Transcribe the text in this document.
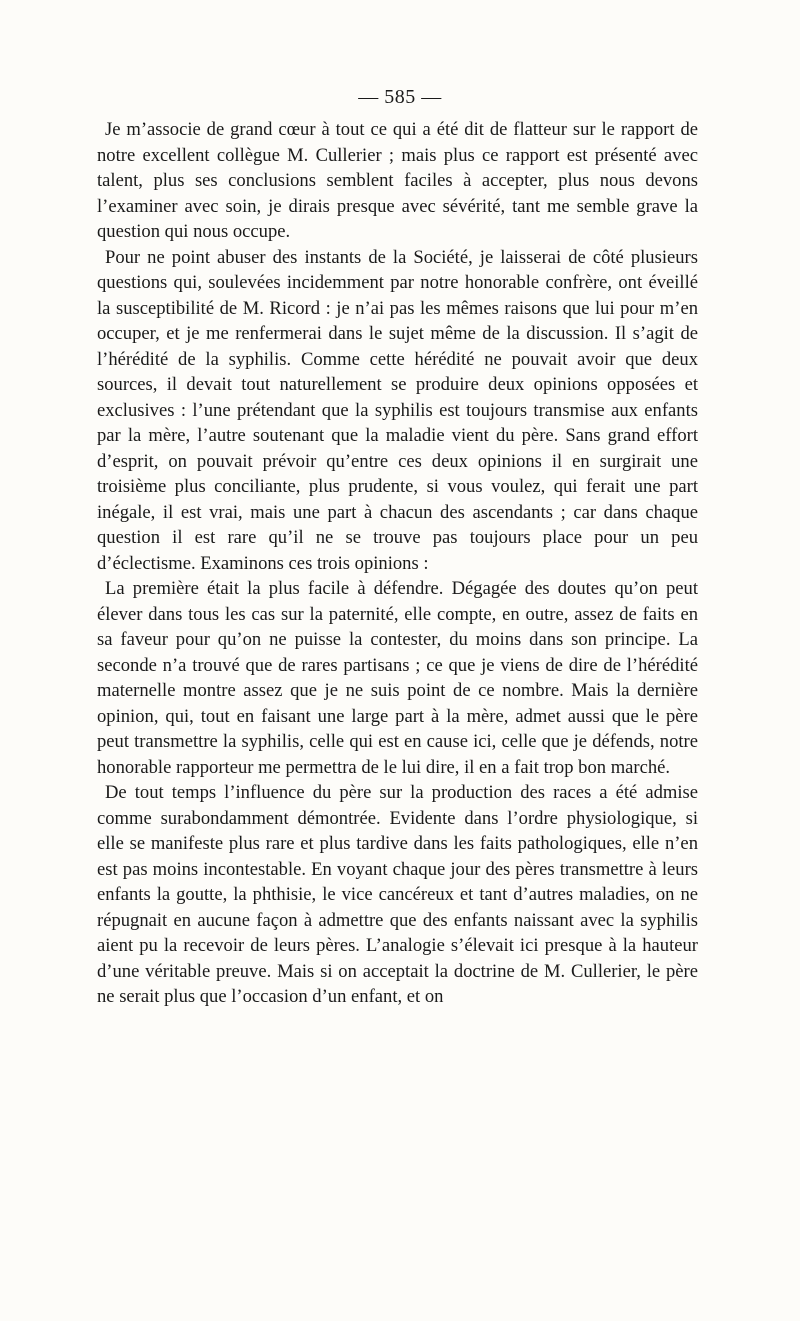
— 585 —

Je m’associe de grand cœur à tout ce qui a été dit de flatteur sur le rapport de notre excellent collègue M. Cullerier ; mais plus ce rapport est présenté avec talent, plus ses conclusions semblent faciles à accepter, plus nous devons l’examiner avec soin, je dirais presque avec sévérité, tant me semble grave la question qui nous occupe.

Pour ne point abuser des instants de la Société, je laisserai de côté plusieurs questions qui, soulevées incidemment par notre honorable confrère, ont éveillé la susceptibilité de M. Ricord : je n’ai pas les mêmes raisons que lui pour m’en occuper, et je me renfermerai dans le sujet même de la discussion. Il s’agit de l’hérédité de la syphilis. Comme cette hérédité ne pouvait avoir que deux sources, il devait tout naturellement se produire deux opinions opposées et exclusives : l’une prétendant que la syphilis est toujours transmise aux enfants par la mère, l’autre soutenant que la maladie vient du père. Sans grand effort d’esprit, on pouvait prévoir qu’entre ces deux opinions il en surgirait une troisième plus conciliante, plus prudente, si vous voulez, qui ferait une part inégale, il est vrai, mais une part à chacun des ascendants ; car dans chaque question il est rare qu’il ne se trouve pas toujours place pour un peu d’éclectisme. Examinons ces trois opinions :

La première était la plus facile à défendre. Dégagée des doutes qu’on peut élever dans tous les cas sur la paternité, elle compte, en outre, assez de faits en sa faveur pour qu’on ne puisse la contester, du moins dans son principe. La seconde n’a trouvé que de rares partisans ; ce que je viens de dire de l’hérédité maternelle montre assez que je ne suis point de ce nombre. Mais la dernière opinion, qui, tout en faisant une large part à la mère, admet aussi que le père peut transmettre la syphilis, celle qui est en cause ici, celle que je défends, notre honorable rapporteur me permettra de le lui dire, il en a fait trop bon marché.

De tout temps l’influence du père sur la production des races a été admise comme surabondamment démontrée. Evidente dans l’ordre physiologique, si elle se manifeste plus rare et plus tardive dans les faits pathologiques, elle n’en est pas moins incontestable. En voyant chaque jour des pères transmettre à leurs enfants la goutte, la phthisie, le vice cancéreux et tant d’autres maladies, on ne répugnait en aucune façon à admettre que des enfants naissant avec la syphilis aient pu la recevoir de leurs pères. L’analogie s’élevait ici presque à la hauteur d’une véritable preuve. Mais si on acceptait la doctrine de M. Cullerier, le père ne serait plus que l’occasion d’un enfant, et on
